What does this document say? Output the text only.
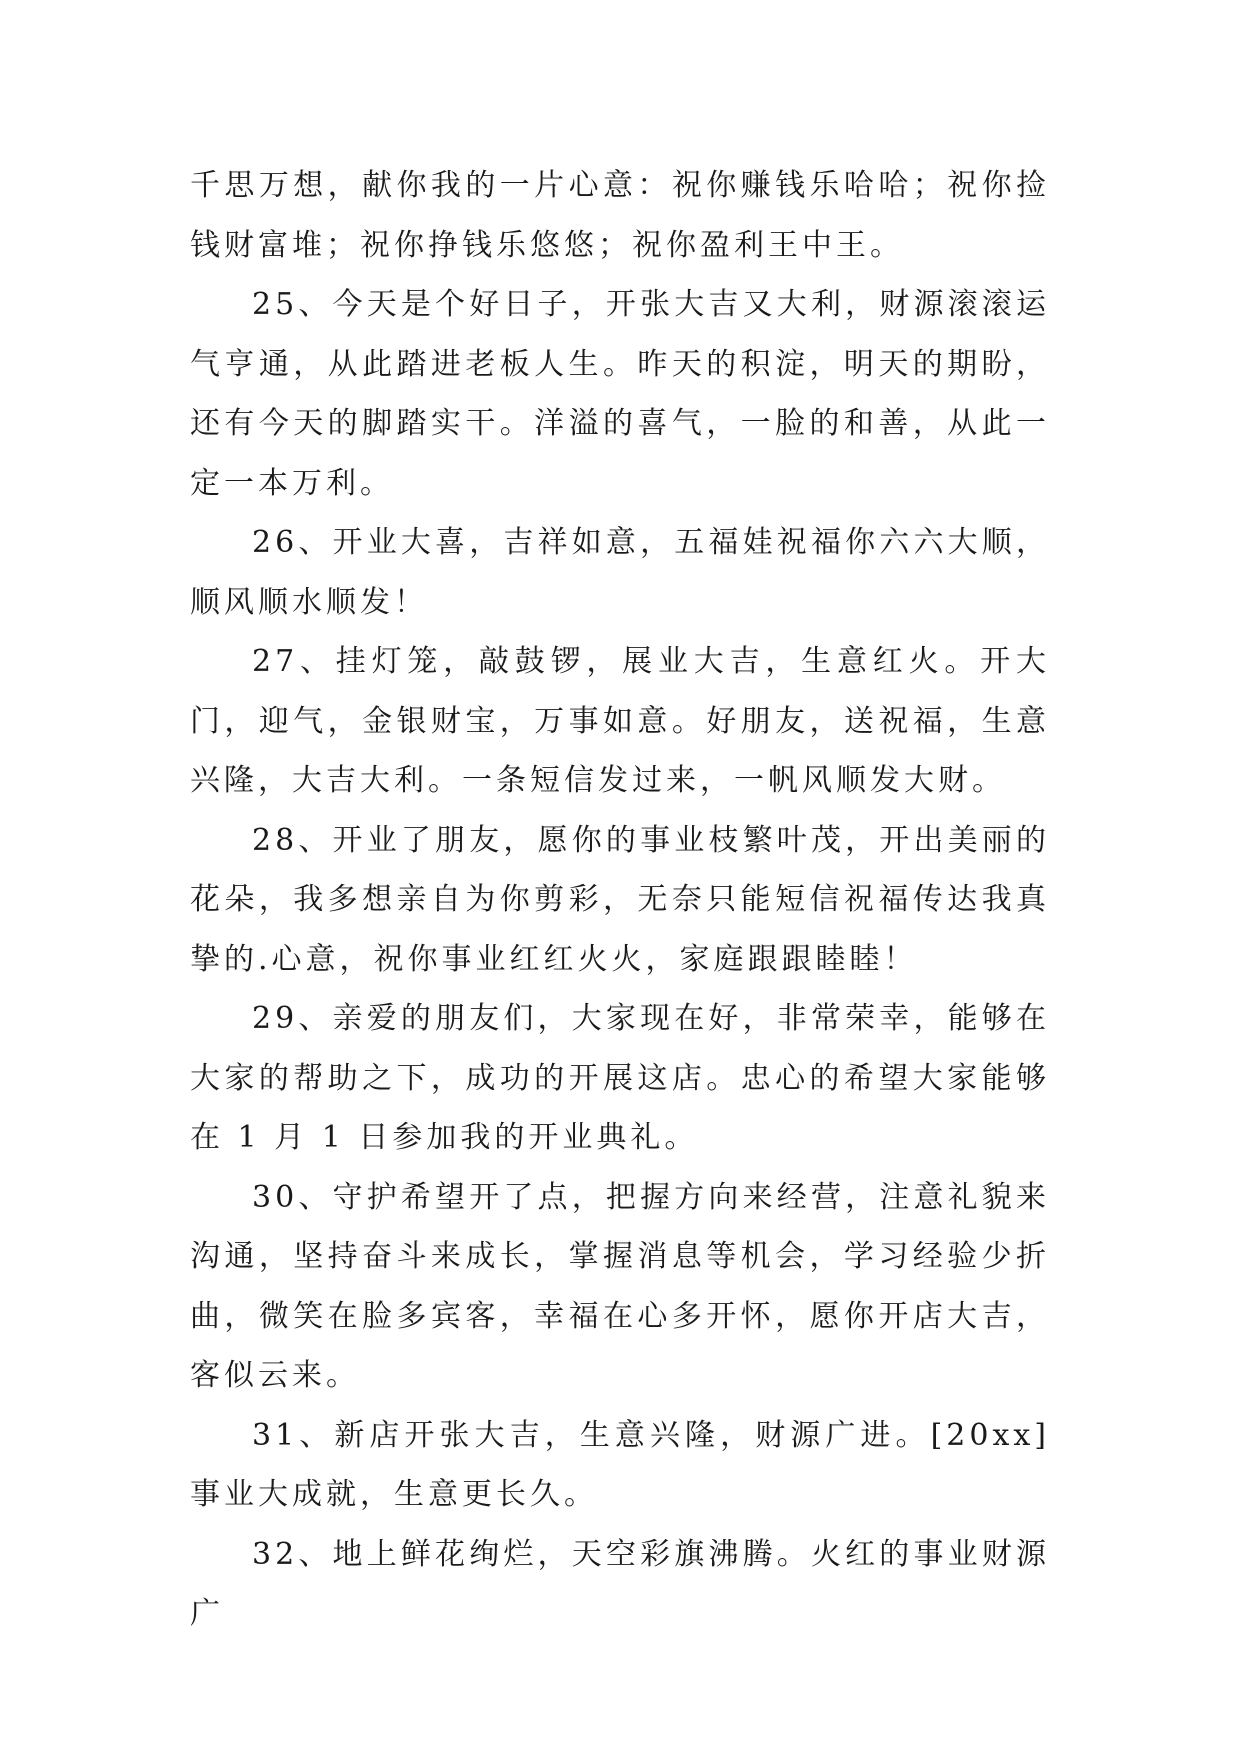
千思万想，献你我的一片心意：祝你赚钱乐哈哈；祝你捡钱财富堆；祝你挣钱乐悠悠；祝你盈利王中王。

25、今天是个好日子，开张大吉又大利，财源滚滚运气亨通，从此踏进老板人生。昨天的积淀，明天的期盼，还有今天的脚踏实干。洋溢的喜气，一脸的和善，从此一定一本万利。

26、开业大喜，吉祥如意，五福娃祝福你六六大顺，顺风顺水顺发！

27、挂灯笼，敲鼓锣，展业大吉，生意红火。开大门，迎气，金银财宝，万事如意。好朋友，送祝福，生意兴隆，大吉大利。一条短信发过来，一帆风顺发大财。

28、开业了朋友，愿你的事业枝繁叶茂，开出美丽的花朵，我多想亲自为你剪彩，无奈只能短信祝福传达我真挚的.心意，祝你事业红红火火，家庭跟跟睦睦！

29、亲爱的朋友们，大家现在好，非常荣幸，能够在大家的帮助之下，成功的开展这店。忠心的希望大家能够在 1 月 1 日参加我的开业典礼。

30、守护希望开了点，把握方向来经营，注意礼貌来沟通，坚持奋斗来成长，掌握消息等机会，学习经验少折曲，微笑在脸多宾客，幸福在心多开怀，愿你开店大吉，客似云来。

31、新店开张大吉，生意兴隆，财源广进。[20xx]事业大成就，生意更长久。

32、地上鲜花绚烂，天空彩旗沸腾。火红的事业财源广
